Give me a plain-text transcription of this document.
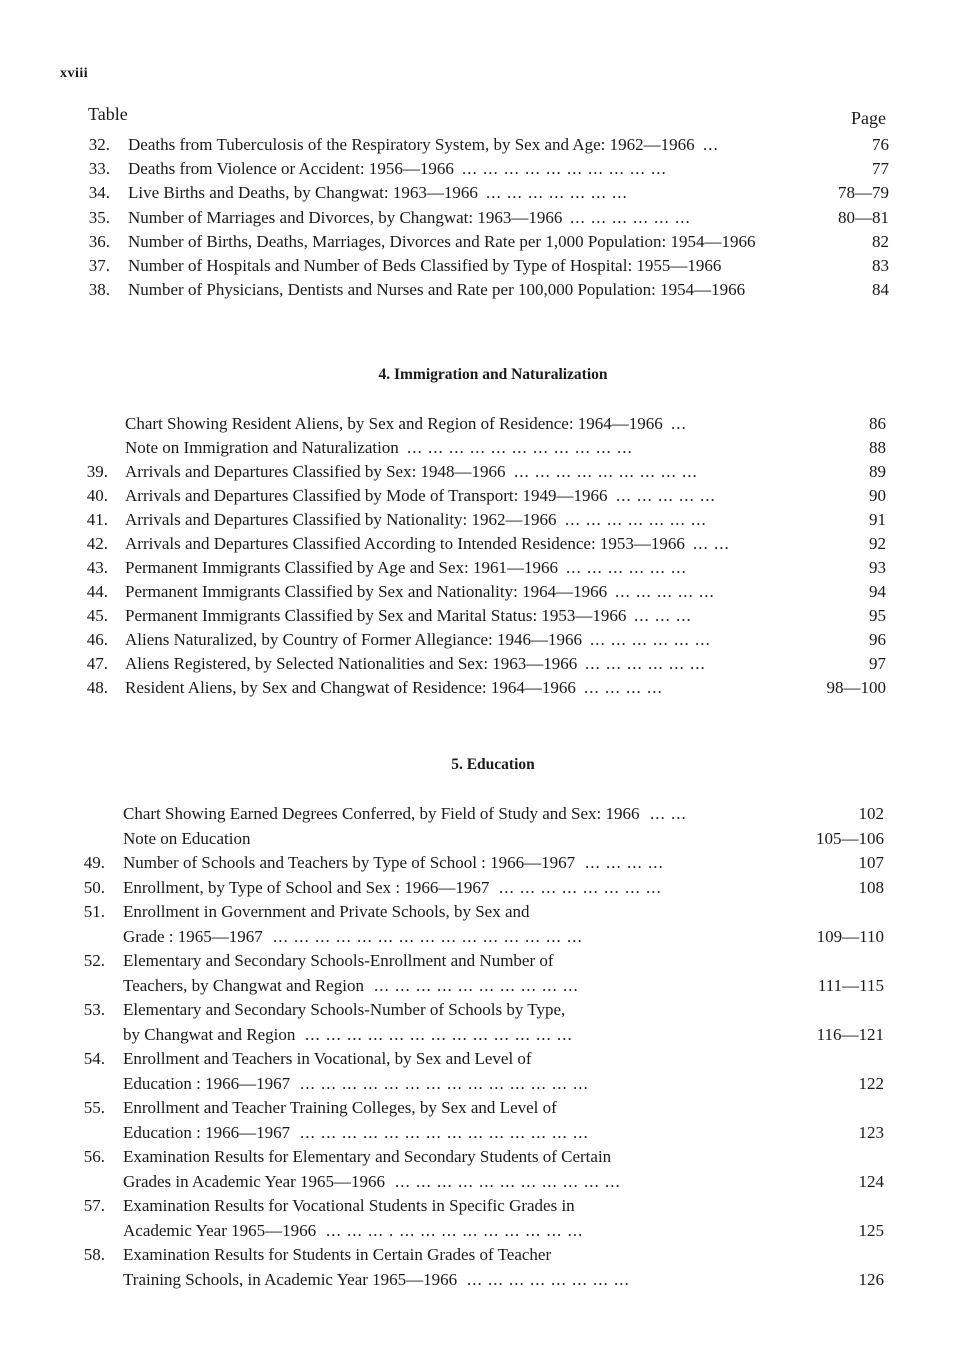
xviii
Table	Page
32. Deaths from Tuberculosis of the Respiratory System, by Sex and Age: 1962—1966 ...	76
33. Deaths from Violence or Accident: 1956—1966 ... ... ... ... ... ... ... ... ... ...	77
34. Live Births and Deaths, by Changwat: 1963—1966 ... ... ... ... ... ... ...	78—79
35. Number of Marriages and Divorces, by Changwat: 1963—1966 ... ... ... ... ... ...	80—81
36. Number of Births, Deaths, Marriages, Divorces and Rate per 1,000 Population: 1954—1966	82
37. Number of Hospitals and Number of Beds Classified by Type of Hospital: 1955—1966	83
38. Number of Physicians, Dentists and Nurses and Rate per 100,000 Population: 1954—1966	84
4. Immigration and Naturalization
Chart Showing Resident Aliens, by Sex and Region of Residence: 1964—1966 ...	86
Note on Immigration and Naturalization ... ... ... ... ... ... ... ... ... ... ...	88
39. Arrivals and Departures Classified by Sex: 1948—1966 ... ... ... ... ... ... ... ... ...	89
40. Arrivals and Departures Classified by Mode of Transport: 1949—1966 ... ... ... ... ...	90
41. Arrivals and Departures Classified by Nationality: 1962—1966 ... ... ... ... ... ... ...	91
42. Arrivals and Departures Classified According to Intended Residence: 1953—1966 ... ...	92
43. Permanent Immigrants Classified by Age and Sex: 1961—1966 ... ... ... ... ... ...	93
44. Permanent Immigrants Classified by Sex and Nationality: 1964—1966 ... ... ... ... ...	94
45. Permanent Immigrants Classified by Sex and Marital Status: 1953—1966 ... ... ...	95
46. Aliens Naturalized, by Country of Former Allegiance: 1946—1966 ... ... ... ... ... ...	96
47. Aliens Registered, by Selected Nationalities and Sex: 1963—1966 ... ... ... ... ... ...	97
48. Resident Aliens, by Sex and Changwat of Residence: 1964—1966 ... ... ... ...	98—100
5. Education
Chart Showing Earned Degrees Conferred, by Field of Study and Sex: 1966 ... ...	102
Note on Education	105—106
49. Number of Schools and Teachers by Type of School : 1966—1967 ... ... ... ...	107
50. Enrollment, by Type of School and Sex : 1966—1967 ... ... ... ... ... ... ... ...	108
51. Enrollment in Government and Private Schools, by Sex and
Grade : 1965—1967 ... ... ... ... ... ... ... ... ... ... ... ... ... ... ...	109—110
52. Elementary and Secondary Schools-Enrollment and Number of
Teachers, by Changwat and Region ... ... ... ... ... ... ... ... ... ...	111—115
53. Elementary and Secondary Schools-Number of Schools by Type,
by Changwat and Region ... ... ... ... ... ... ... ... ... ... ... ... ...	116—121
54. Enrollment and Teachers in Vocational, by Sex and Level of
Education : 1966—1967 ... ... ... ... ... ... ... ... ... ... ... ... ... ...	122
55. Enrollment and Teacher Training Colleges, by Sex and Level of
Education : 1966—1967 ... ... ... ... ... ... ... ... ... ... ... ... ... ...	123
56. Examination Results for Elementary and Secondary Students of Certain
Grades in Academic Year 1965—1966 ... ... ... ... ... ... ... ... ... ... ...	124
57. Examination Results for Vocational Students in Specific Grades in
Academic Year 1965—1966 ... ... ... . ... ... ... ... ... ... ... ... ...	125
58. Examination Results for Students in Certain Grades of Teacher
Training Schools, in Academic Year 1965—1966 ... ... ... ... ... ... ... ...	126
